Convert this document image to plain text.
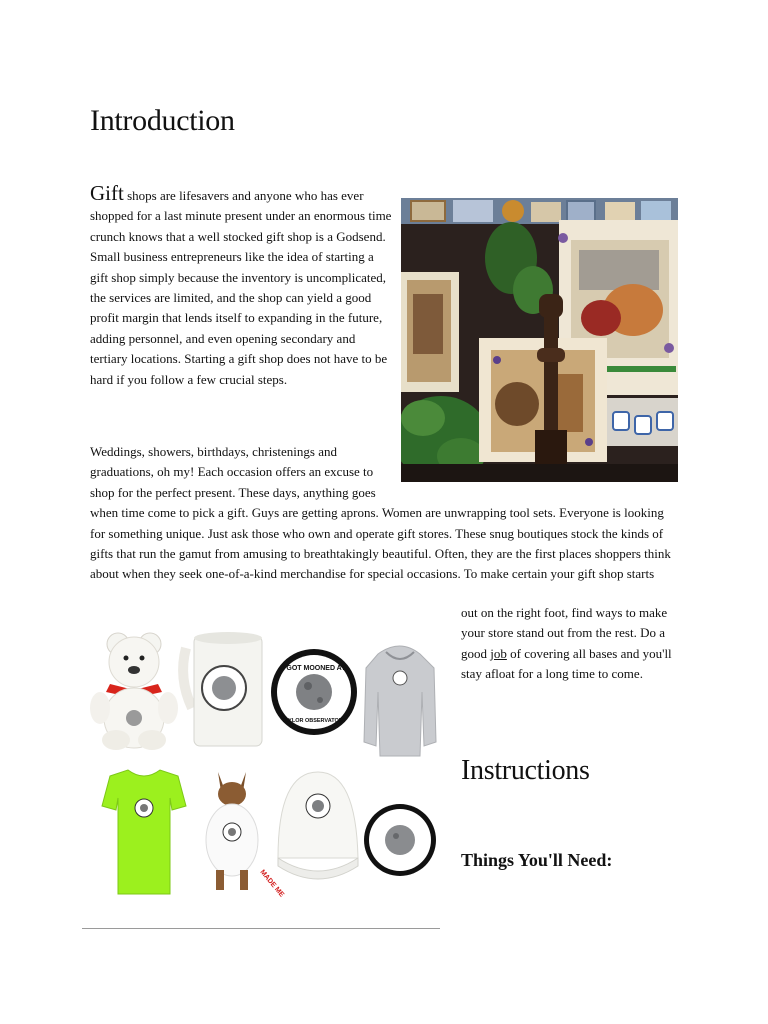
Introduction

Gift shops are lifesavers and anyone who has ever shopped for a last minute present under an enormous time crunch knows that a well stocked gift shop is a Godsend. Small business entrepreneurs like the idea of starting a gift shop simply because the inventory is uncomplicated, the services are limited, and the shop can yield a good profit margin that lends itself to expanding in the future, adding personnel, and even opening secondary and tertiary locations. Starting a gift shop does not have to be hard if you follow a few crucial steps.

Weddings, showers, birthdays, christenings and graduations, oh my! Each occasion offers an excuse to shop for the perfect present. These days, anything goes when time come to pick a gift. Guys are getting aprons. Women are unwrapping tool sets. Everyone is looking for something unique. Just ask those who own and operate gift stores. These snug boutiques stock the kinds of gifts that run the gamut from amusing to breathtakingly beautiful. Often, they are the first places shoppers think about when they seek one-of-a-kind merchandise for special occasions. To make certain your gift shop starts

I GOT MOONED AT
TAYLOR OBSERVATORY
MADE ME

out on the right foot, find ways to make your store stand out from the rest. Do a good job of covering all bases and you'll stay afloat for a long time to come.

Instructions
Things You'll Need:
